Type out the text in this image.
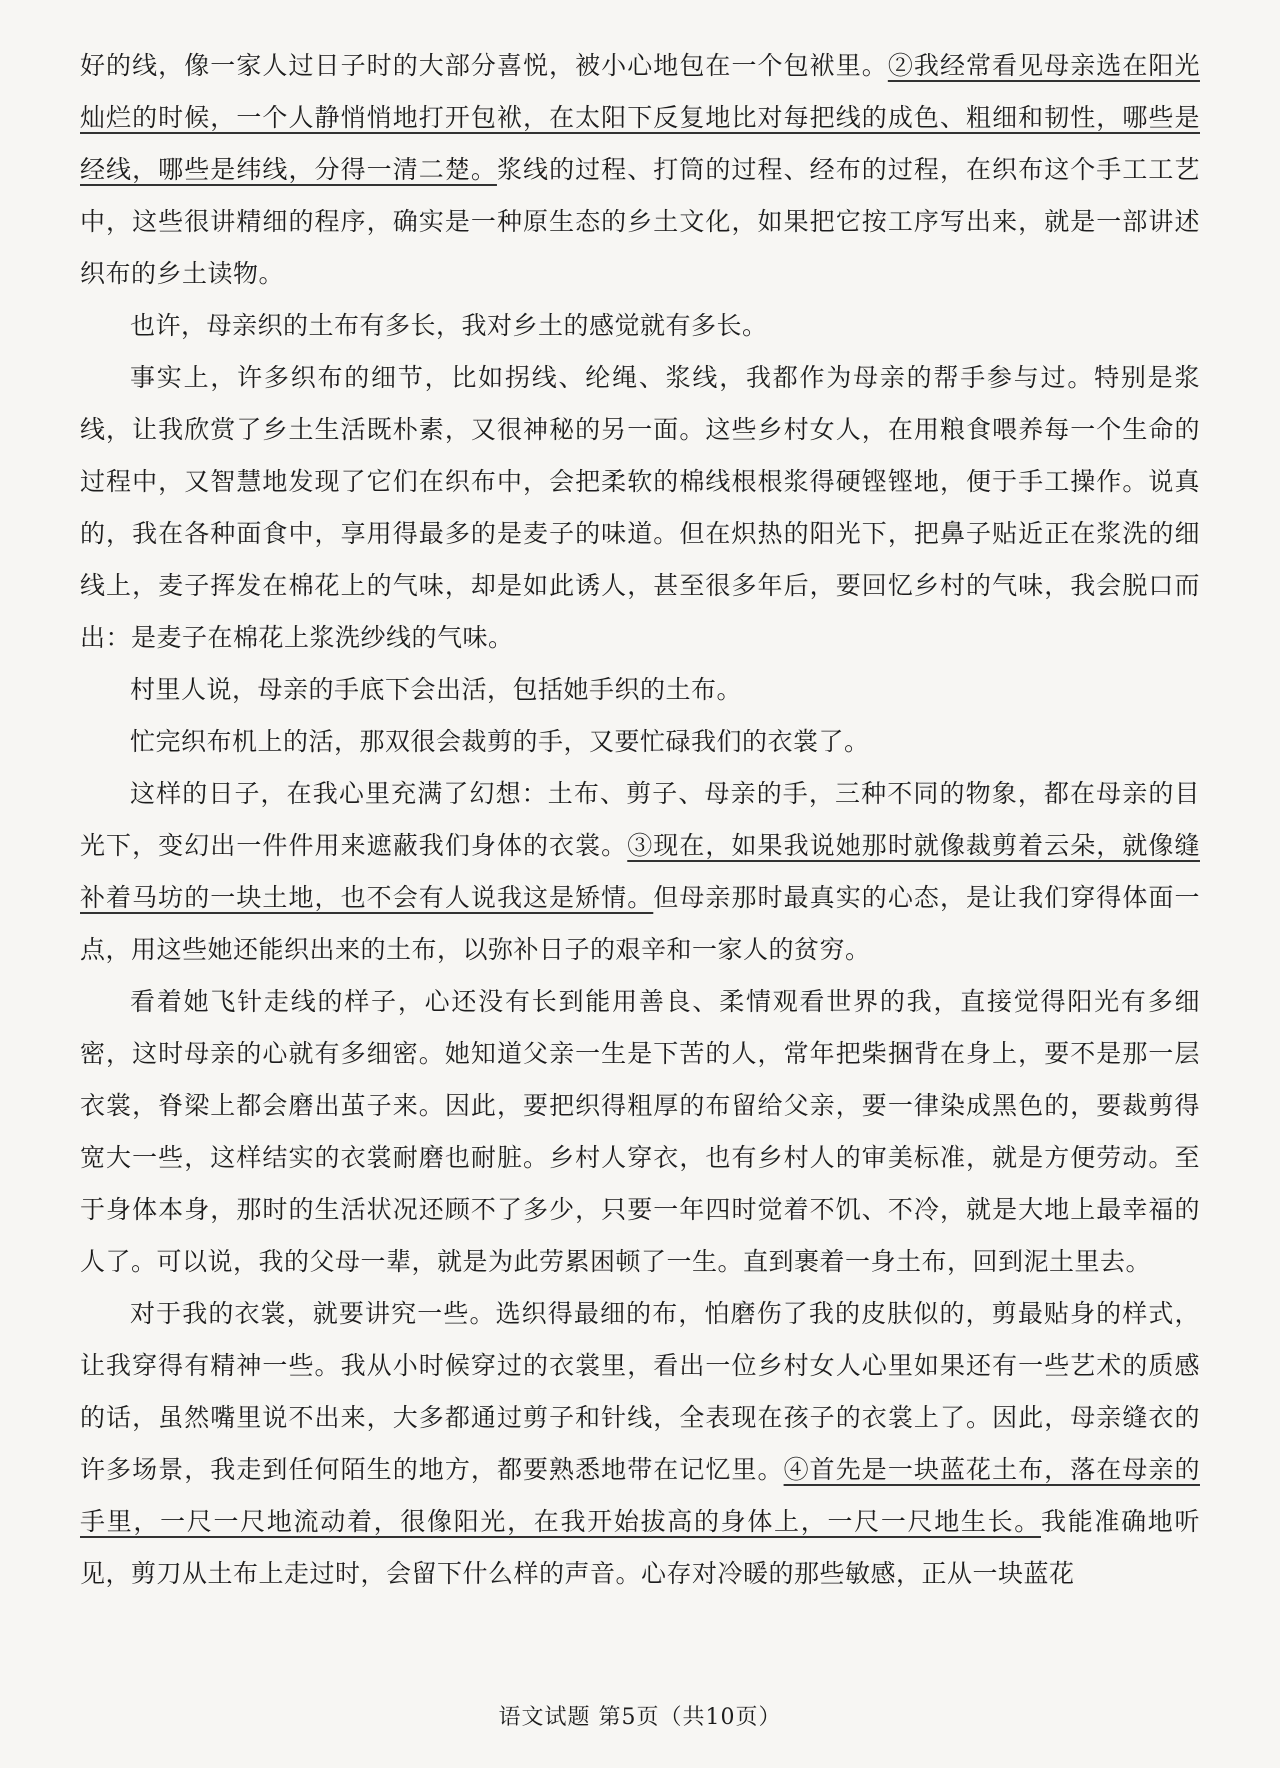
好的线，像一家人过日子时的大部分喜悦，被小心地包在一个包袱里。②我经常看见母亲选在阳光灿烂的时候，一个人静悄悄地打开包袱，在太阳下反复地比对每把线的成色、粗细和韧性，哪些是经线，哪些是纬线，分得一清二楚。浆线的过程、打筒的过程、经布的过程，在织布这个手工工艺中，这些很讲精细的程序，确实是一种原生态的乡土文化，如果把它按工序写出来，就是一部讲述织布的乡土读物。

也许，母亲织的土布有多长，我对乡土的感觉就有多长。

事实上，许多织布的细节，比如拐线、纶绳、浆线，我都作为母亲的帮手参与过。特别是浆线，让我欣赏了乡土生活既朴素，又很神秘的另一面。这些乡村女人，在用粮食喂养每一个生命的过程中，又智慧地发现了它们在织布中，会把柔软的棉线根根浆得硬铿铿地，便于手工操作。说真的，我在各种面食中，享用得最多的是麦子的味道。但在炽热的阳光下，把鼻子贴近正在浆洗的细线上，麦子挥发在棉花上的气味，却是如此诱人，甚至很多年后，要回忆乡村的气味，我会脱口而出：是麦子在棉花上浆洗纱线的气味。

村里人说，母亲的手底下会出活，包括她手织的土布。

忙完织布机上的活，那双很会裁剪的手，又要忙碌我们的衣裳了。

这样的日子，在我心里充满了幻想：土布、剪子、母亲的手，三种不同的物象，都在母亲的目光下，变幻出一件件用来遮蔽我们身体的衣裳。③现在，如果我说她那时就像裁剪着云朵，就像缝补着马坊的一块土地，也不会有人说我这是矫情。但母亲那时最真实的心态，是让我们穿得体面一点，用这些她还能织出来的土布，以弥补日子的艰辛和一家人的贫穷。

看着她飞针走线的样子，心还没有长到能用善良、柔情观看世界的我，直接觉得阳光有多细密，这时母亲的心就有多细密。她知道父亲一生是下苦的人，常年把柴捆背在身上，要不是那一层衣裳，脊梁上都会磨出茧子来。因此，要把织得粗厚的布留给父亲，要一律染成黑色的，要裁剪得宽大一些，这样结实的衣裳耐磨也耐脏。乡村人穿衣，也有乡村人的审美标准，就是方便劳动。至于身体本身，那时的生活状况还顾不了多少，只要一年四时觉着不饥、不冷，就是大地上最幸福的人了。可以说，我的父母一辈，就是为此劳累困顿了一生。直到裹着一身土布，回到泥土里去。

对于我的衣裳，就要讲究一些。选织得最细的布，怕磨伤了我的皮肤似的，剪最贴身的样式，让我穿得有精神一些。我从小时候穿过的衣裳里，看出一位乡村女人心里如果还有一些艺术的质感的话，虽然嘴里说不出来，大多都通过剪子和针线，全表现在孩子的衣裳上了。因此，母亲缝衣的许多场景，我走到任何陌生的地方，都要熟悉地带在记忆里。④首先是一块蓝花土布，落在母亲的手里，一尺一尺地流动着，很像阳光，在我开始拔高的身体上，一尺一尺地生长。我能准确地听见，剪刀从土布上走过时，会留下什么样的声音。心存对冷暖的那些敏感，正从一块蓝花

语文试题 第5页（共10页）
